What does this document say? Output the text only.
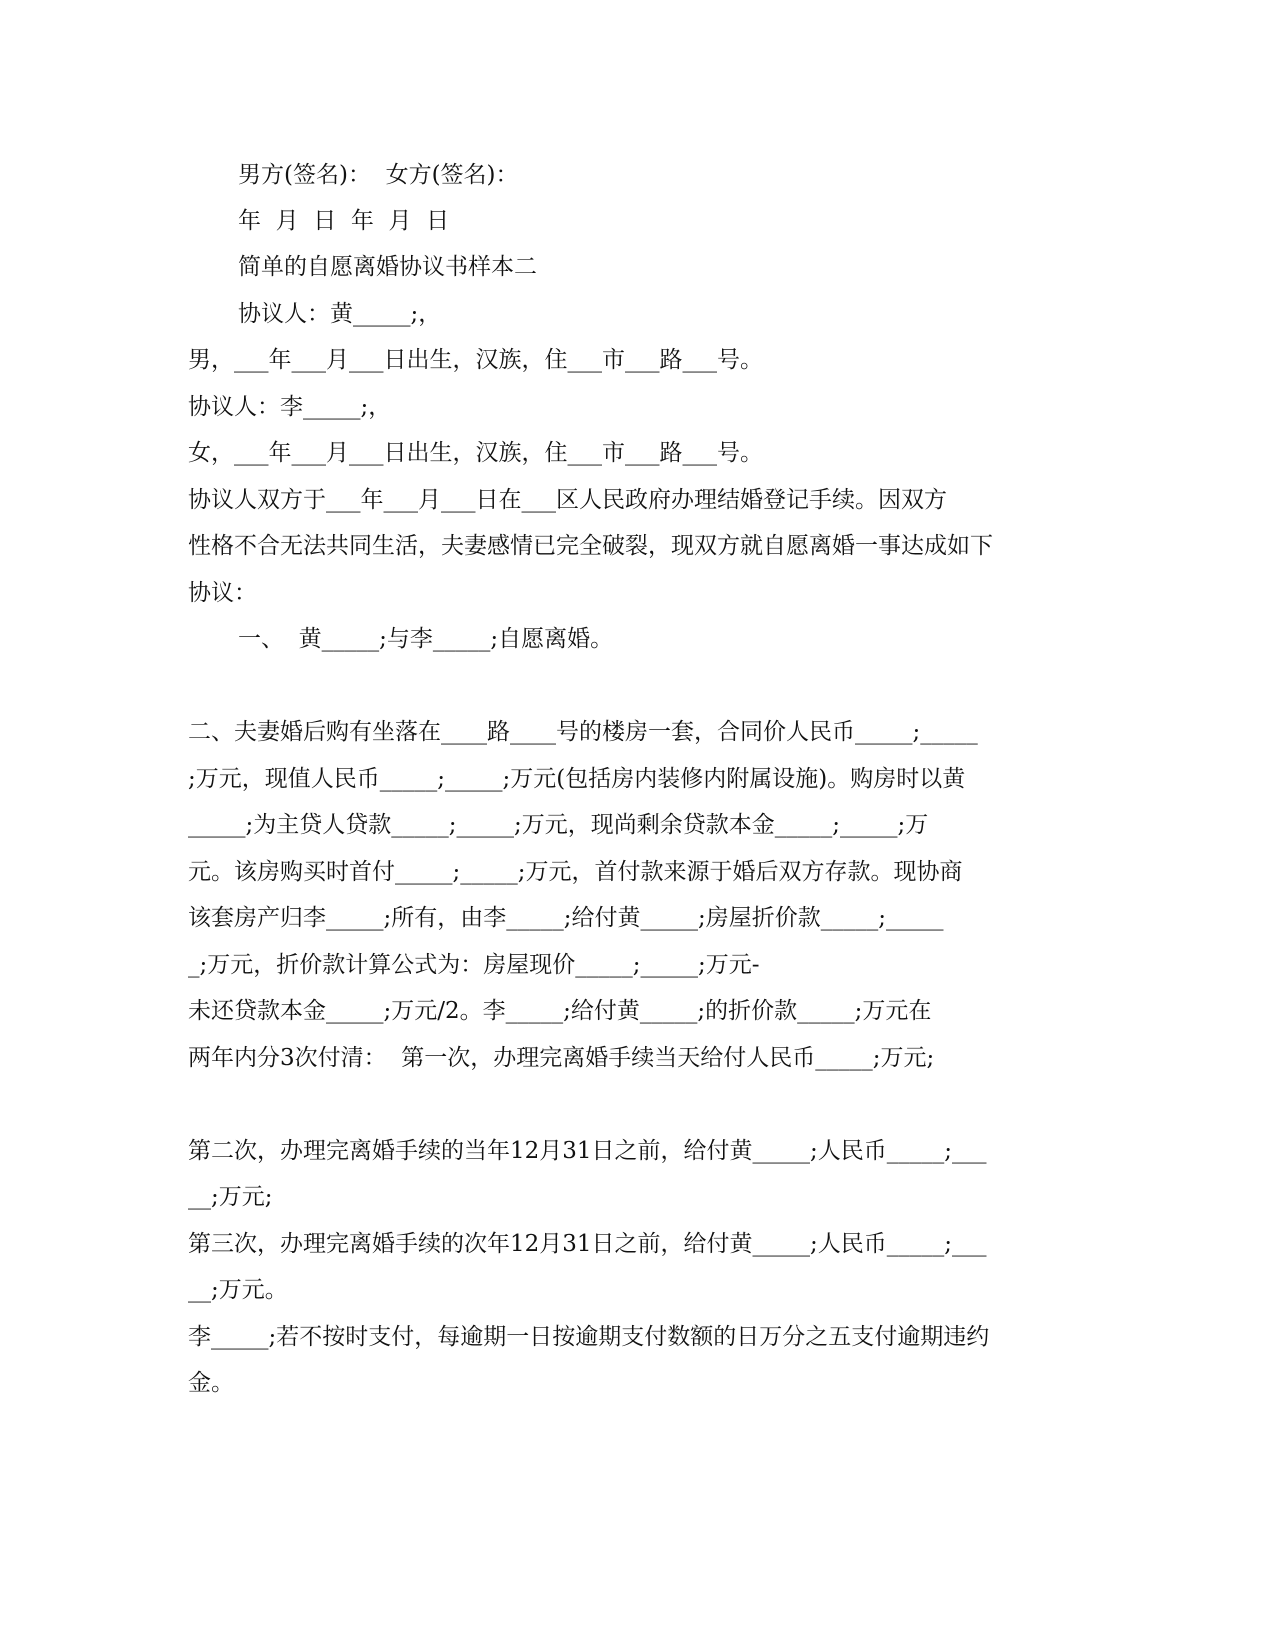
男方(签名)：  女方(签名)：

年  月  日  年  月  日

简单的自愿离婚协议书样本二

协议人：黄_____;，

男，___年___月___日出生，汉族，住___市___路___号。

协议人：李_____;，

女，___年___月___日出生，汉族，住___市___路___号。

协议人双方于___年___月___日在___区人民政府办理结婚登记手续。因双方

性格不合无法共同生活，夫妻感情已完全破裂，现双方就自愿离婚一事达成如下

协议：

一、  黄_____;与李_____;自愿离婚。

二、夫妻婚后购有坐落在____路____号的楼房一套，合同价人民币_____;_____

;万元，现值人民币_____;_____;万元(包括房内装修内附属设施)。购房时以黄

_____;为主贷人贷款_____;_____;万元，现尚剩余贷款本金_____;_____;万

元。该房购买时首付_____;_____;万元，首付款来源于婚后双方存款。现协商

该套房产归李_____;所有，由李_____;给付黄_____;房屋折价款_____;_____

_;万元，折价款计算公式为：房屋现价_____;_____;万元-

未还贷款本金_____;万元/2。李_____;给付黄_____;的折价款_____;万元在

两年内分3次付清：  第一次，办理完离婚手续当天给付人民币_____;万元;

第二次，办理完离婚手续的当年12月31日之前，给付黄_____;人民币_____;___

__;万元;

第三次，办理完离婚手续的次年12月31日之前，给付黄_____;人民币_____;___

__;万元。

李_____;若不按时支付，每逾期一日按逾期支付数额的日万分之五支付逾期违约

金。
